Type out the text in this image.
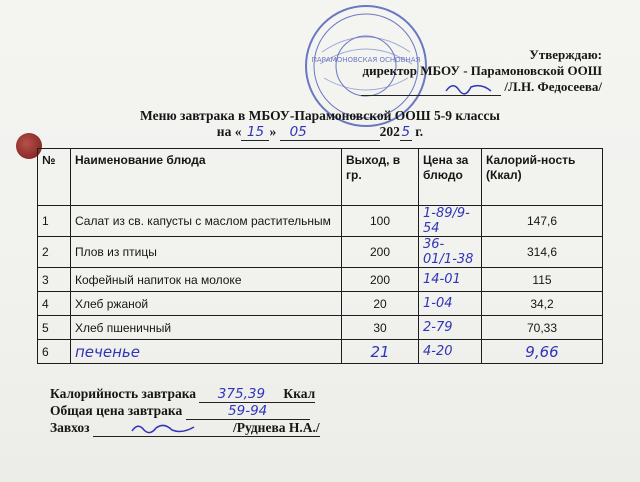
ПАРАМОНОВСКАЯ ОСНОВНАЯ	Утверждаю:
директор МБОУ - Парамоновской ООШ
/Л.Н. Федосеева/
Меню завтрака в МБОУ-Парамоновской ООШ 5-9 классы
на « 15 » 05	202 5 г.
№	Наименование блюда	Выход, в гр.	Цена за блюдо	Калорий-ность (Ккал)
1	Салат из св. капусты с маслом растительным	100	1-89/9-54	147,6
2	Плов из птицы	200	36-01/1-38	314,6
3	Кофейный напиток на молоке	200	14-01	115
4	Хлеб ржаной	20	1-04	34,2
5	Хлеб пшеничный	30	2-79	70,33
6	печенье	21	4-20	9,66
Калорийность завтрака 375,39 Ккал
Общая цена завтрака	59-94
Завхоз	/Руднева Н.А./
